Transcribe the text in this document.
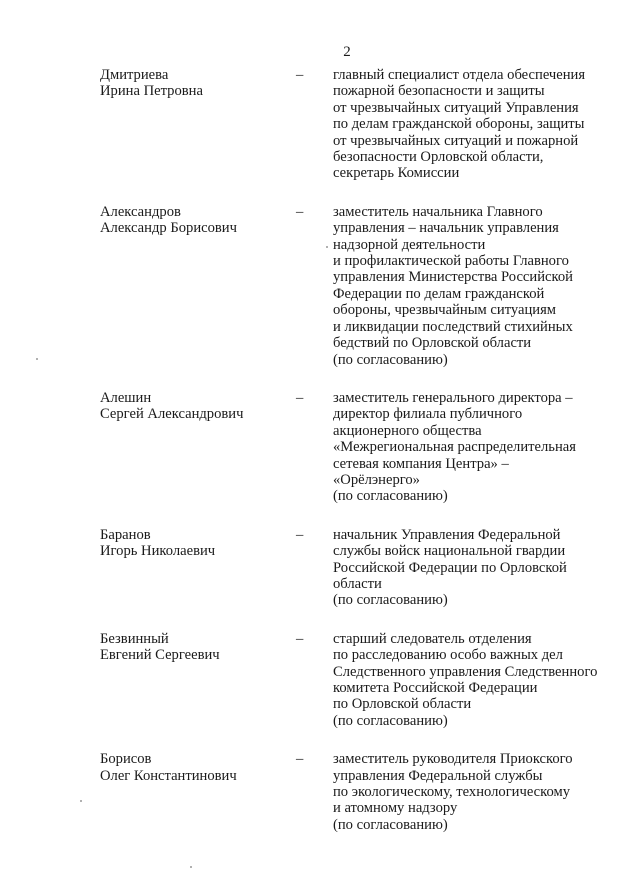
2
Дмитриева
Ирина Петровна
–	главный специалист отдела обеспечения
пожарной безопасности и защиты
от чрезвычайных ситуаций Управления
по делам гражданской обороны, защиты
от чрезвычайных ситуаций и пожарной
безопасности Орловской области,
секретарь Комиссии
Александров
Александр Борисович
–	заместитель начальника Главного
управления – начальник управления
надзорной деятельности
и профилактической работы Главного
управления Министерства Российской
Федерации по делам гражданской
обороны, чрезвычайным ситуациям
и ликвидации последствий стихийных
бедствий по Орловской области
(по согласованию)
Алешин
Сергей Александрович
–	заместитель генерального директора –
директор филиала публичного
акционерного общества
«Межрегиональная распределительная
сетевая компания Центра» –
«Орёлэнерго»
(по согласованию)
Баранов
Игорь Николаевич
–	начальник Управления Федеральной
службы войск национальной гвардии
Российской Федерации по Орловской
области
(по согласованию)
Безвинный
Евгений Сергеевич
–	старший следователь отделения
по расследованию особо важных дел
Следственного управления Следственного
комитета Российской Федерации
по Орловской области
(по согласованию)
Борисов
Олег Константинович
–	заместитель руководителя Приокского
управления Федеральной службы
по экологическому, технологическому
и атомному надзору
(по согласованию)
